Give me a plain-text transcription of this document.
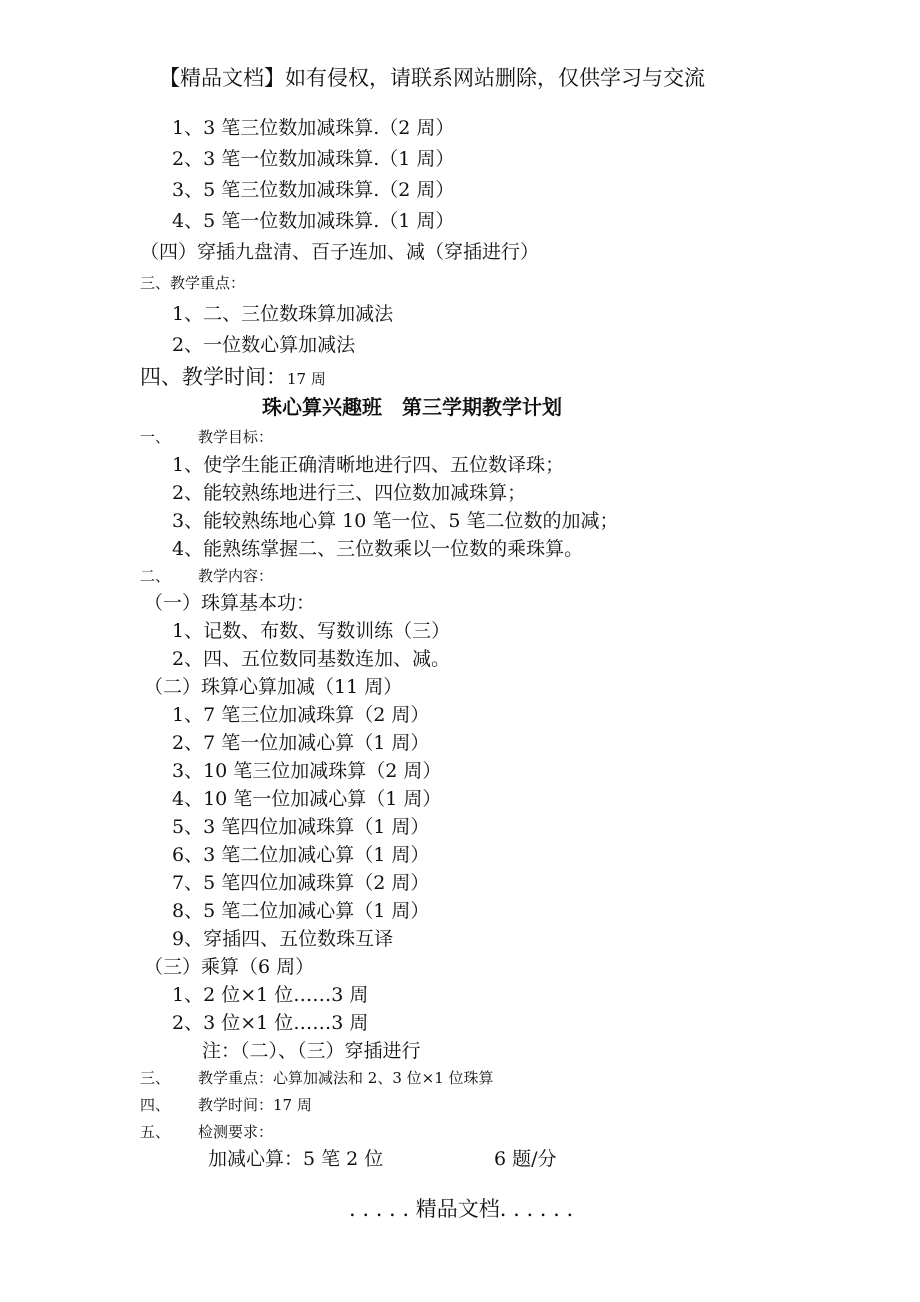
【精品文档】如有侵权，请联系网站删除，仅供学习与交流
1、3 笔三位数加减珠算.（2 周）
2、3 笔一位数加减珠算.（1 周）
3、5 笔三位数加减珠算.（2 周）
4、5 笔一位数加减珠算.（1 周）
（四）穿插九盘清、百子连加、减（穿插进行）
三、教学重点：
1、二、三位数珠算加减法
2、一位数心算加减法
四、教学时间：17 周
珠心算兴趣班　第三学期教学计划
一、 教学目标：
1、使学生能正确清晰地进行四、五位数译珠；
2、能较熟练地进行三、四位数加减珠算；
3、能较熟练地心算 10 笔一位、5 笔二位数的加减；
4、能熟练掌握二、三位数乘以一位数的乘珠算。
二、 教学内容：
（一）珠算基本功：
1、记数、布数、写数训练（三）
2、四、五位数同基数连加、减。
（二）珠算心算加减（11 周）
1、7 笔三位加减珠算（2 周）
2、7 笔一位加减心算（1 周）
3、10 笔三位加减珠算（2 周）
4、10 笔一位加减心算（1 周）
5、3 笔四位加减珠算（1 周）
6、3 笔二位加减心算（1 周）
7、5 笔四位加减珠算（2 周）
8、5 笔二位加减心算（1 周）
9、穿插四、五位数珠互译
（三）乘算（6 周）
1、2 位×1 位……3 周
2、3 位×1 位……3 周
注：（二）、（三）穿插进行
三、 教学重点：心算加减法和 2、3 位×1 位珠算
四、 教学时间：17 周
五、 检测要求：
加减心算：5 笔 2 位	6 题/分
. . . . . 精品文档. . . . . .
